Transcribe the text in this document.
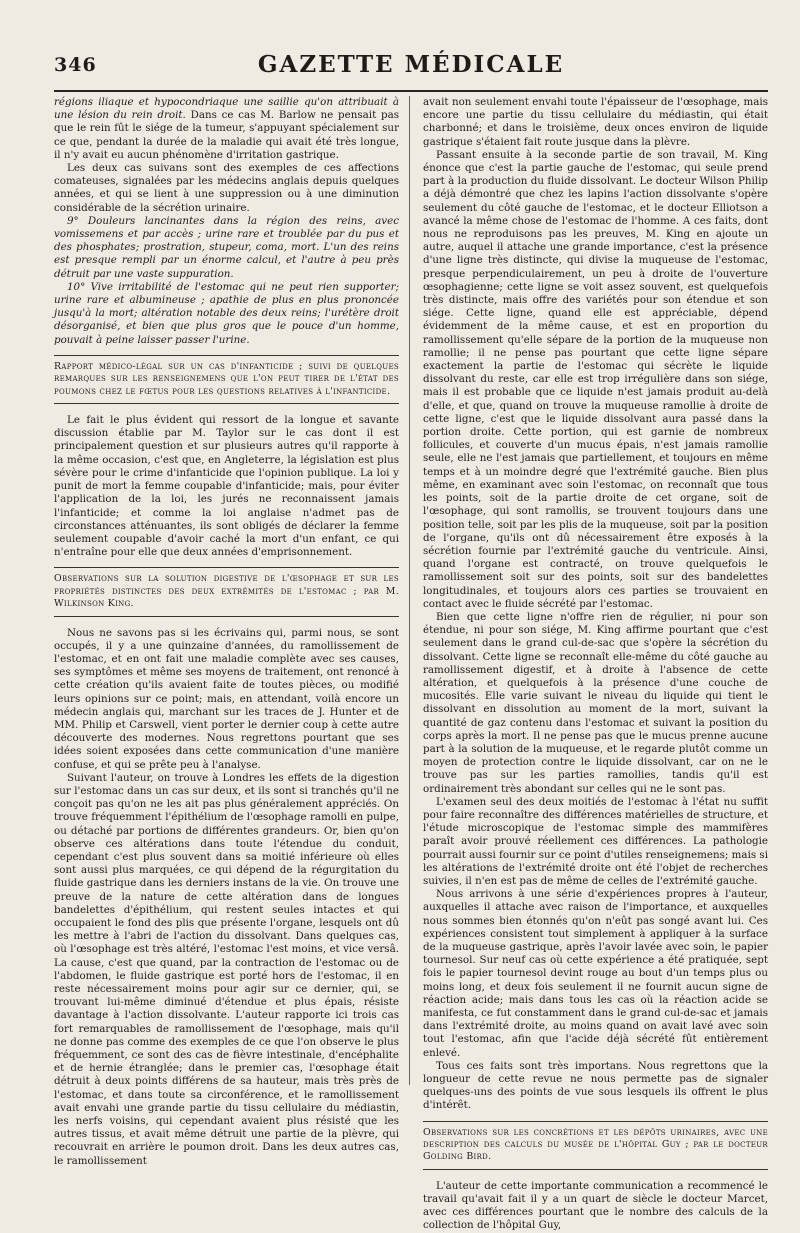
346	GAZETTE MÉDICALE

régions iliaque et hypocondriaque une saillie qu'on attribuait à une lésion du rein droit. Dans ce cas M. Barlow ne pensait pas que le rein fût le siége de la tumeur, s'appuyant spécialement sur ce que, pendant la durée de la maladie qui avait été très longue, il n'y avait eu aucun phénomène d'irritation gastrique.

Les deux cas suivans sont des exemples de ces affections comateuses, signalées par les médecins anglais depuis quelques années, et qui se lient à une suppression ou à une diminution considérable de la sécrétion urinaire.

9° Douleurs lancinantes dans la région des reins, avec vomissemens et par accès ; urine rare et troublée par du pus et des phosphates; prostration, stupeur, coma, mort. L'un des reins est presque rempli par un énorme calcul, et l'autre à peu près détruit par une vaste suppuration.

10° Vive irritabilité de l'estomac qui ne peut rien supporter; urine rare et albumineuse ; apathie de plus en plus prononcée jusqu'à la mort; altération notable des deux reins; l'urétère droit désorganisé, et bien que plus gros que le pouce d'un homme, pouvait à peine laisser passer l'urine.

Rapport médico-légal sur un cas d'infanticide ; suivi de quelques remarques sur les renseignemens que l'on peut tirer de l'état des poumons chez le fœtus pour les questions relatives à l'infanticide.

Le fait le plus évident qui ressort de la longue et savante discussion établie par M. Taylor sur le cas dont il est principalement question et sur plusieurs autres qu'il rapporte à la même occasion, c'est que, en Angleterre, la législation est plus sévère pour le crime d'infanticide que l'opinion publique. La loi y punit de mort la femme coupable d'infanticide; mais, pour éviter l'application de la loi, les jurés ne reconnaissent jamais l'infanticide; et comme la loi anglaise n'admet pas de circonstances atténuantes, ils sont obligés de déclarer la femme seulement coupable d'avoir caché la mort d'un enfant, ce qui n'entraîne pour elle que deux années d'emprisonnement.

Observations sur la solution digestive de l'œsophage et sur les propriétés distinctes des deux extrémités de l'estomac ; par M. Wilkinson King.

Nous ne savons pas si les écrivains qui, parmi nous, se sont occupés, il y a une quinzaine d'années, du ramollissement de l'estomac, et en ont fait une maladie complète avec ses causes, ses symptômes et même ses moyens de traitement, ont renoncé à cette création qu'ils avaient faite de toutes pièces, ou modifié leurs opinions sur ce point; mais, en attendant, voilà encore un médecin anglais qui, marchant sur les traces de J. Hunter et de MM. Philip et Carswell, vient porter le dernier coup à cette autre découverte des modernes. Nous regrettons pourtant que ses idées soient exposées dans cette communication d'une manière confuse, et qui se prête peu à l'analyse.

Suivant l'auteur, on trouve à Londres les effets de la digestion sur l'estomac dans un cas sur deux, et ils sont si tranchés qu'il ne conçoit pas qu'on ne les ait pas plus généralement appréciés. On trouve fréquemment l'épithélium de l'œsophage ramolli en pulpe, ou détaché par portions de différentes grandeurs. Or, bien qu'on observe ces altérations dans toute l'étendue du conduit, cependant c'est plus souvent dans sa moitié inférieure où elles sont aussi plus marquées, ce qui dépend de la régurgitation du fluide gastrique dans les derniers instans de la vie. On trouve une preuve de la nature de cette altération dans de longues bandelettes d'épithélium, qui restent seules intactes et qui occupaient le fond des plis que présente l'organe, lesquels ont dû les mettre à l'abri de l'action du dissolvant. Dans quelques cas, où l'œsophage est très altéré, l'estomac l'est moins, et vice versâ. La cause, c'est que quand, par la contraction de l'estomac ou de l'abdomen, le fluide gastrique est porté hors de l'estomac, il en reste nécessairement moins pour agir sur ce dernier, qui, se trouvant lui-même diminué d'étendue et plus épais, résiste davantage à l'action dissolvante. L'auteur rapporte ici trois cas fort remarquables de ramollissement de l'œsophage, mais qu'il ne donne pas comme des exemples de ce que l'on observe le plus fréquemment, ce sont des cas de fièvre intestinale, d'encéphalite et de hernie étranglée; dans le premier cas, l'œsophage était détruit à deux points différens de sa hauteur, mais très près de l'estomac, et dans toute sa circonférence, et le ramollissement avait envahi une grande partie du tissu cellulaire du médiastin, les nerfs voisins, qui cependant avaient plus résisté que les autres tissus, et avait même détruit une partie de la plèvre, qui recouvrait en arrière le poumon droit. Dans les deux autres cas, le ramollissement

avait non seulement envahi toute l'épaisseur de l'œsophage, mais encore une partie du tissu cellulaire du médiastin, qui était charbonné; et dans le troisième, deux onces environ de liquide gastrique s'étaient fait route jusque dans la plèvre.

Passant ensuite à la seconde partie de son travail, M. King énonce que c'est la partie gauche de l'estomac, qui seule prend part à la production du fluide dissolvant. Le docteur Wilson Philip a déjà démontré que chez les lapins l'action dissolvante s'opère seulement du côté gauche de l'estomac, et le docteur Elliotson a avancé la même chose de l'estomac de l'homme. A ces faits, dont nous ne reproduisons pas les preuves, M. King en ajoute un autre, auquel il attache une grande importance, c'est la présence d'une ligne très distincte, qui divise la muqueuse de l'estomac, presque perpendiculairement, un peu à droite de l'ouverture œsophagienne; cette ligne se voit assez souvent, est quelquefois très distincte, mais offre des variétés pour son étendue et son siége. Cette ligne, quand elle est appréciable, dépend évidemment de la même cause, et est en proportion du ramollissement qu'elle sépare de la portion de la muqueuse non ramollie; il ne pense pas pourtant que cette ligne sépare exactement la partie de l'estomac qui sécrète le liquide dissolvant du reste, car elle est trop irrégulière dans son siége, mais il est probable que ce liquide n'est jamais produit au-delà d'elle, et que, quand on trouve la muqueuse ramollie à droite de cette ligne, c'est que le liquide dissolvant aura passé dans la portion droite. Cette portion, qui est garnie de nombreux follicules, et couverte d'un mucus épais, n'est jamais ramollie seule, elle ne l'est jamais que partiellement, et toujours en même temps et à un moindre degré que l'extrémité gauche. Bien plus même, en examinant avec soin l'estomac, on reconnaît que tous les points, soit de la partie droite de cet organe, soit de l'œsophage, qui sont ramollis, se trouvent toujours dans une position telle, soit par les plis de la muqueuse, soit par la position de l'organe, qu'ils ont dû nécessairement être exposés à la sécrétion fournie par l'extrémité gauche du ventricule. Ainsi, quand l'organe est contracté, on trouve quelquefois le ramollissement soit sur des points, soit sur des bandelettes longitudinales, et toujours alors ces parties se trouvaient en contact avec le fluide sécrété par l'estomac.

Bien que cette ligne n'offre rien de régulier, ni pour son étendue, ni pour son siége, M. King affirme pourtant que c'est seulement dans le grand cul-de-sac que s'opère la sécrétion du dissolvant. Cette ligne se reconnaît elle-même du côté gauche au ramollissement digestif, et à droite à l'absence de cette altération, et quelquefois à la présence d'une couche de mucosités. Elle varie suivant le niveau du liquide qui tient le dissolvant en dissolution au moment de la mort, suivant la quantité de gaz contenu dans l'estomac et suivant la position du corps après la mort. Il ne pense pas que le mucus prenne aucune part à la solution de la muqueuse, et le regarde plutôt comme un moyen de protection contre le liquide dissolvant, car on ne le trouve pas sur les parties ramollies, tandis qu'il est ordinairement très abondant sur celles qui ne le sont pas.

L'examen seul des deux moitiés de l'estomac à l'état nu suffit pour faire reconnaître des différences matérielles de structure, et l'étude microscopique de l'estomac simple des mammifères paraît avoir prouvé réellement ces différences. La pathologie pourrait aussi fournir sur ce point d'utiles renseignemens; mais si les altérations de l'extrémité droite ont été l'objet de recherches suivies, il n'en est pas de même de celles de l'extrémité gauche.

Nous arrivons à une série d'expériences propres à l'auteur, auxquelles il attache avec raison de l'importance, et auxquelles nous sommes bien étonnés qu'on n'eût pas songé avant lui. Ces expériences consistent tout simplement à appliquer à la surface de la muqueuse gastrique, après l'avoir lavée avec soin, le papier tournesol. Sur neuf cas où cette expérience a été pratiquée, sept fois le papier tournesol devint rouge au bout d'un temps plus ou moins long, et deux fois seulement il ne fournit aucun signe de réaction acide; mais dans tous les cas où la réaction acide se manifesta, ce fut constamment dans le grand cul-de-sac et jamais dans l'extrémité droite, au moins quand on avait lavé avec soin tout l'estomac, afin que l'acide déjà sécrété fût entièrement enlevé.

Tous ces faits sont très importans. Nous regrettons que la longueur de cette revue ne nous permette pas de signaler quelques-uns des points de vue sous lesquels ils offrent le plus d'intérêt.

Observations sur les concrétions et les dépôts urinaires, avec une description des calculs du musée de l'hôpital Guy ; par le docteur Golding Bird.

L'auteur de cette importante communication a recommencé le travail qu'avait fait il y a un quart de siècle le docteur Marcet, avec ces différences pourtant que le nombre des calculs de la collection de l'hôpital Guy,
